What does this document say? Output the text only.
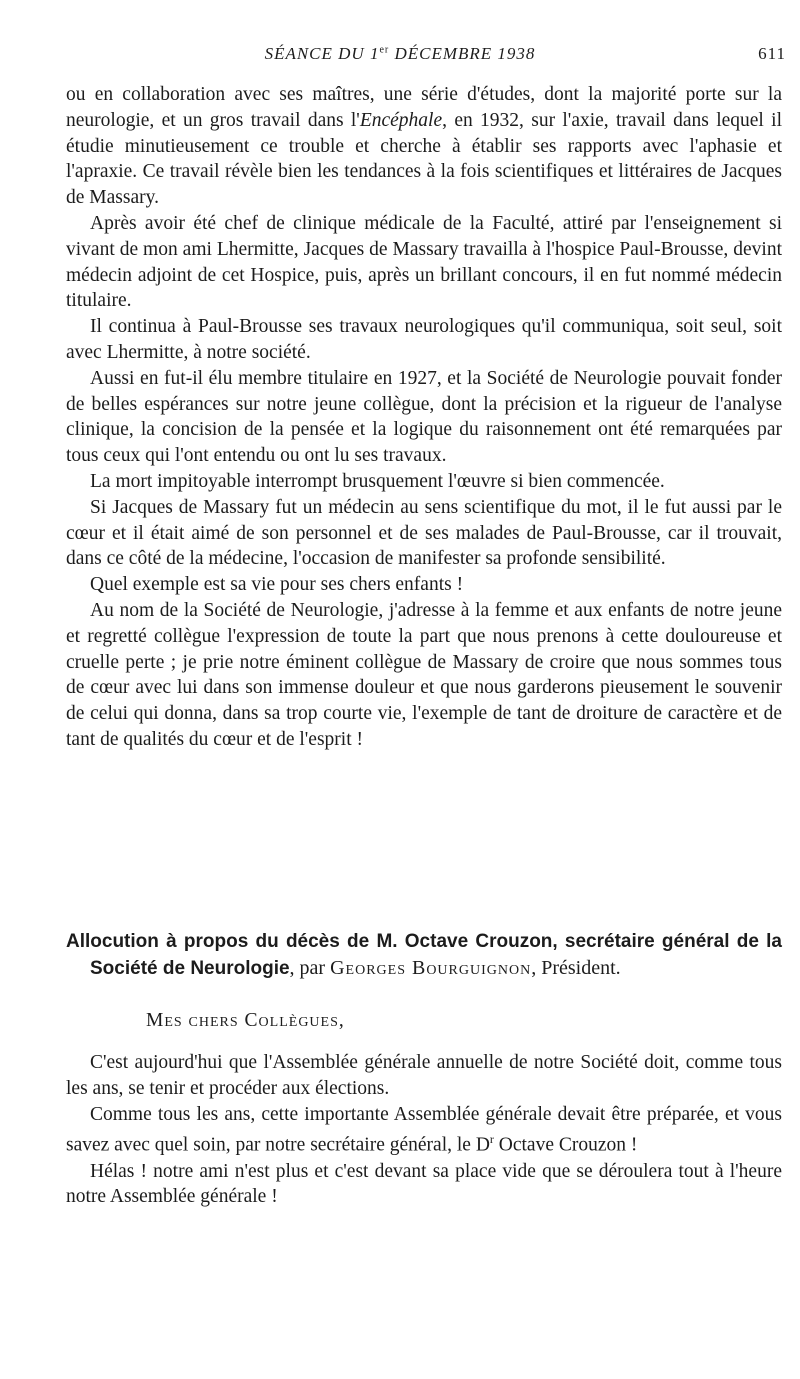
SÉANCE DU 1er DÉCEMBRE 1938	611

ou en collaboration avec ses maîtres, une série d'études, dont la majorité porte sur la neurologie, et un gros travail dans l'Encéphale, en 1932, sur l'axie, travail dans lequel il étudie minutieusement ce trouble et cherche à établir ses rapports avec l'aphasie et l'apraxie. Ce travail révèle bien les tendances à la fois scientifiques et littéraires de Jacques de Massary.

Après avoir été chef de clinique médicale de la Faculté, attiré par l'enseignement si vivant de mon ami Lhermitte, Jacques de Massary travailla à l'hospice Paul-Brousse, devint médecin adjoint de cet Hospice, puis, après un brillant concours, il en fut nommé médecin titulaire.

Il continua à Paul-Brousse ses travaux neurologiques qu'il communiqua, soit seul, soit avec Lhermitte, à notre société.

Aussi en fut-il élu membre titulaire en 1927, et la Société de Neurologie pouvait fonder de belles espérances sur notre jeune collègue, dont la précision et la rigueur de l'analyse clinique, la concision de la pensée et la logique du raisonnement ont été remarquées par tous ceux qui l'ont entendu ou ont lu ses travaux.

La mort impitoyable interrompt brusquement l'œuvre si bien commencée.

Si Jacques de Massary fut un médecin au sens scientifique du mot, il le fut aussi par le cœur et il était aimé de son personnel et de ses malades de Paul-Brousse, car il trouvait, dans ce côté de la médecine, l'occasion de manifester sa profonde sensibilité.

Quel exemple est sa vie pour ses chers enfants !

Au nom de la Société de Neurologie, j'adresse à la femme et aux enfants de notre jeune et regretté collègue l'expression de toute la part que nous prenons à cette douloureuse et cruelle perte ; je prie notre éminent collègue de Massary de croire que nous sommes tous de cœur avec lui dans son immense douleur et que nous garderons pieusement le souvenir de celui qui donna, dans sa trop courte vie, l'exemple de tant de droiture de caractère et de tant de qualités du cœur et de l'esprit !

Allocution à propos du décès de M. Octave Crouzon, secrétaire général de la Société de Neurologie, par Georges Bourguignon, Président.
Mes chers Collègues,

C'est aujourd'hui que l'Assemblée générale annuelle de notre Société doit, comme tous les ans, se tenir et procéder aux élections.

Comme tous les ans, cette importante Assemblée générale devait être préparée, et vous savez avec quel soin, par notre secrétaire général, le $D^r$ Octave Crouzon !

Hélas ! notre ami n'est plus et c'est devant sa place vide que se déroulera tout à l'heure notre Assemblée générale !
